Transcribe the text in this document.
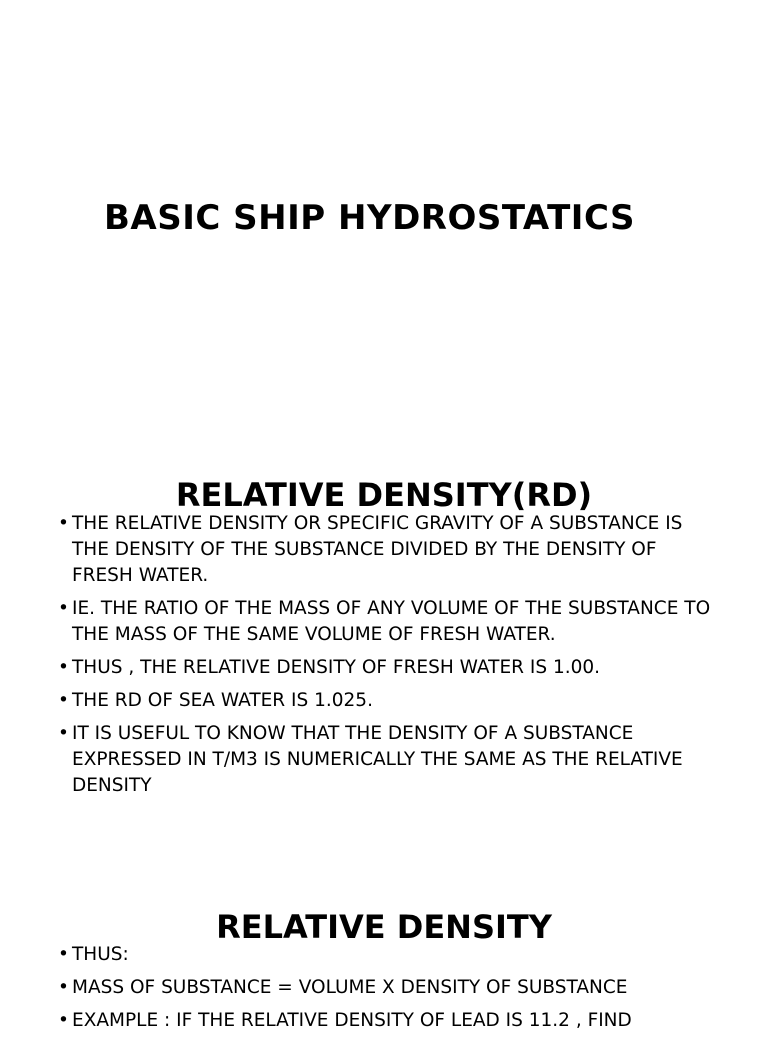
BASIC SHIP HYDROSTATICS
RELATIVE DENSITY(RD)
• THE RELATIVE DENSITY OR SPECIFIC GRAVITY OF A SUBSTANCE IS THE DENSITY OF THE SUBSTANCE DIVIDED BY THE DENSITY OF FRESH WATER.
• IE. THE RATIO OF THE MASS OF ANY VOLUME OF THE SUBSTANCE TO THE MASS OF THE SAME VOLUME OF FRESH WATER.
• THUS , THE RELATIVE DENSITY OF FRESH WATER IS 1.00.
• THE RD OF SEA WATER IS 1.025.
• IT IS USEFUL TO KNOW THAT THE DENSITY OF A SUBSTANCE EXPRESSED IN T/M3 IS NUMERICALLY THE SAME AS THE RELATIVE DENSITY
RELATIVE DENSITY
• THUS:
• MASS OF SUBSTANCE = VOLUME X DENSITY OF SUBSTANCE
• EXAMPLE : IF THE RELATIVE DENSITY OF LEAD IS 11.2 , FIND
